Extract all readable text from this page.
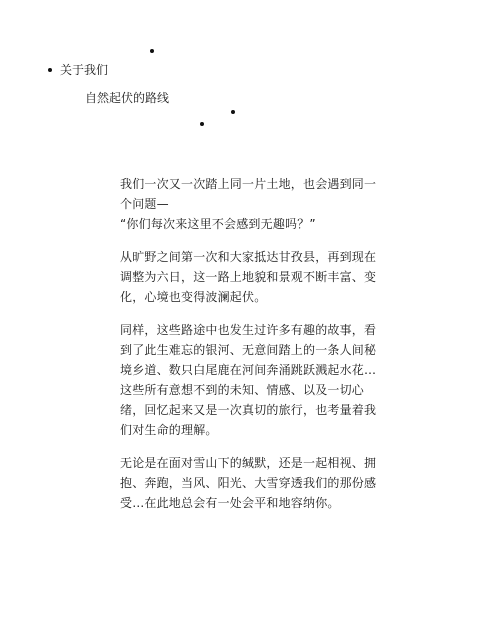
关于我们
自然起伏的路线

我们一次又一次踏上同一片土地，也会遇到同一个问题—

“你们每次来这里不会感到无趣吗？”

从旷野之间第一次和大家抵达甘孜县，再到现在调整为六日，这一路上地貌和景观不断丰富、变化，心境也变得波澜起伏。

同样，这些路途中也发生过许多有趣的故事，看到了此生难忘的银河、无意间踏上的一条人间秘境乡道、数只白尾鹿在河间奔涌跳跃溅起水花…

这些所有意想不到的未知、情感、以及一切心绪，回忆起来又是一次真切的旅行，也考量着我们对生命的理解。

无论是在面对雪山下的缄默，还是一起相视、拥抱、奔跑，当风、阳光、大雪穿透我们的那份感受…在此地总会有一处会平和地容纳你。
